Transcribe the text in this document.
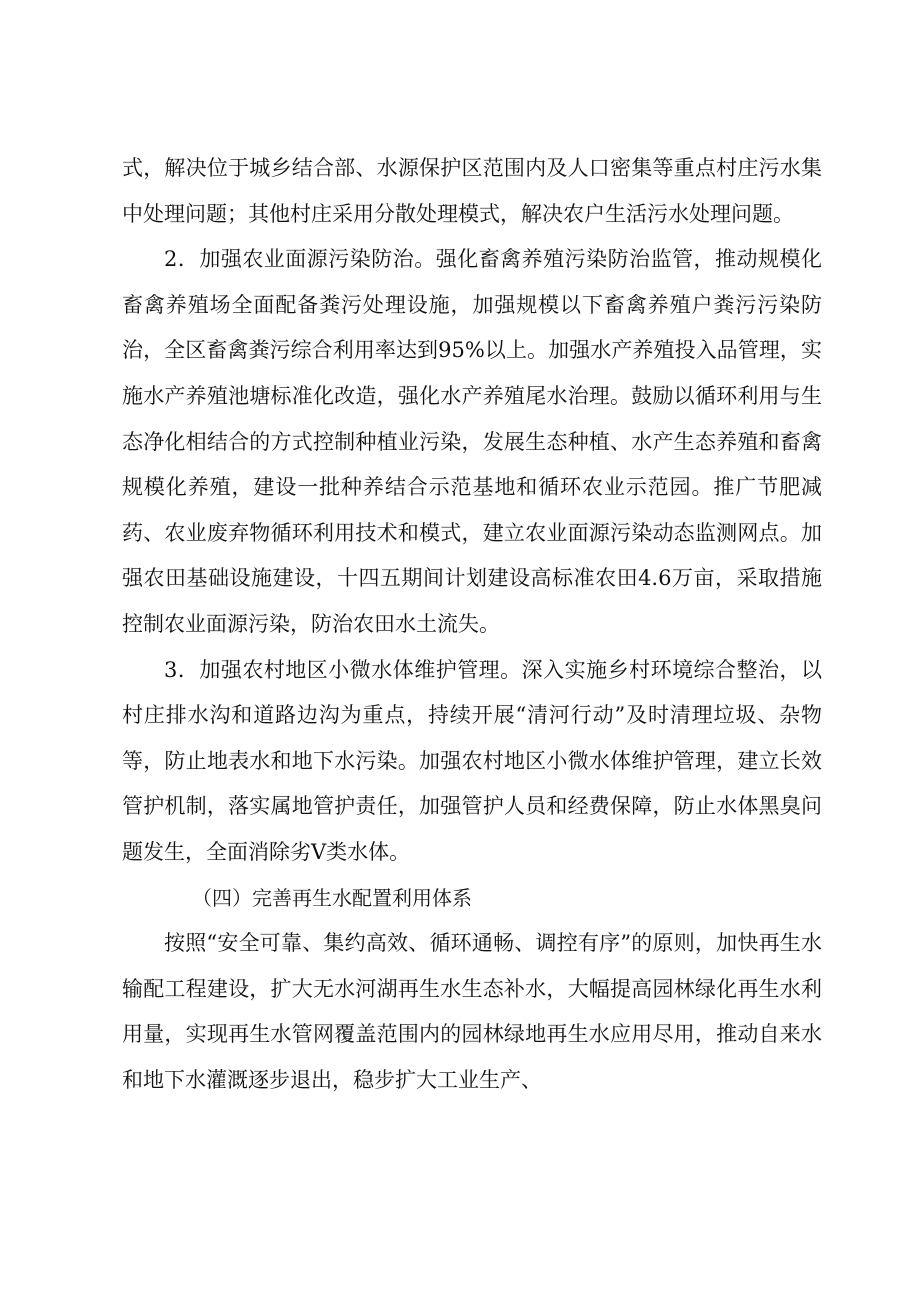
式，解决位于城乡结合部、水源保护区范围内及人口密集等重点村庄污水集中处理问题；其他村庄采用分散处理模式，解决农户生活污水处理问题。

2．加强农业面源污染防治。强化畜禽养殖污染防治监管，推动规模化畜禽养殖场全面配备粪污处理设施，加强规模以下畜禽养殖户粪污污染防治，全区畜禽粪污综合利用率达到95%以上。加强水产养殖投入品管理，实施水产养殖池塘标准化改造，强化水产养殖尾水治理。鼓励以循环利用与生态净化相结合的方式控制种植业污染，发展生态种植、水产生态养殖和畜禽规模化养殖，建设一批种养结合示范基地和循环农业示范园。推广节肥减药、农业废弃物循环利用技术和模式，建立农业面源污染动态监测网点。加强农田基础设施建设，十四五期间计划建设高标准农田4.6万亩，采取措施控制农业面源污染，防治农田水土流失。

3．加强农村地区小微水体维护管理。深入实施乡村环境综合整治，以村庄排水沟和道路边沟为重点，持续开展“清河行动”及时清理垃圾、杂物等，防止地表水和地下水污染。加强农村地区小微水体维护管理，建立长效管护机制，落实属地管护责任，加强管护人员和经费保障，防止水体黑臭问题发生，全面消除劣Ⅴ类水体。

（四）完善再生水配置利用体系

按照“安全可靠、集约高效、循环通畅、调控有序”的原则，加快再生水输配工程建设，扩大无水河湖再生水生态补水，大幅提高园林绿化再生水利用量，实现再生水管网覆盖范围内的园林绿地再生水应用尽用，推动自来水和地下水灌溉逐步退出，稳步扩大工业生产、
